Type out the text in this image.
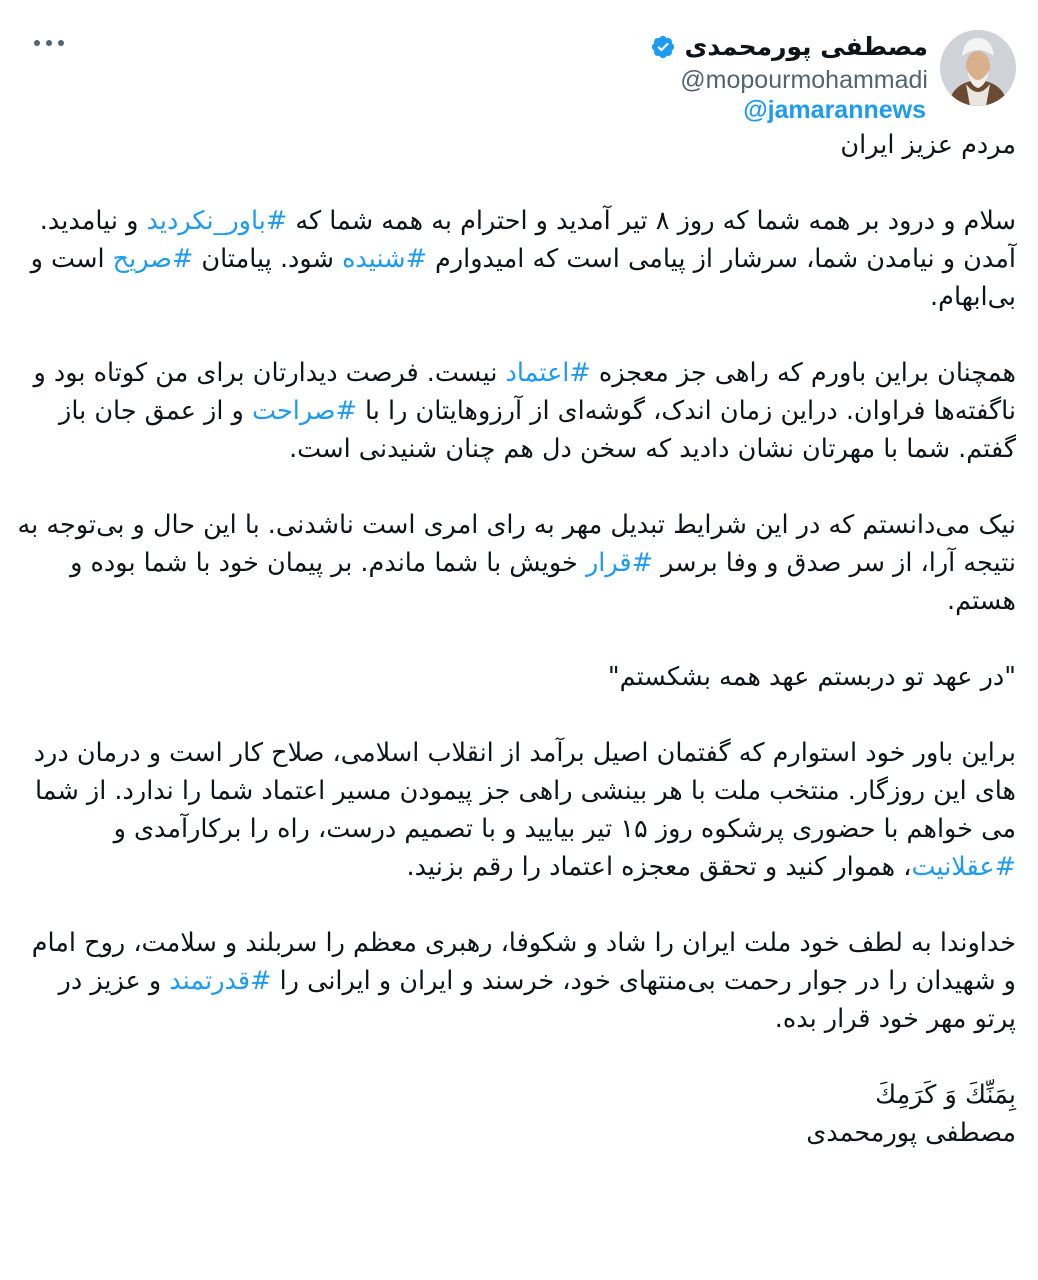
مصطفی پورمحمدی
@mopourmohammadi
@jamarannews

مردم عزیز ایران

سلام و درود بر همه شما که روز ۸ تیر آمدید و احترام به همه شما که #باور_نکردید و نیامدید. آمدن و نیامدن شما، سرشار از پیامی است که امیدوارم #شنیده شود. پیامتان #صریح است و بی‌ابهام.

همچنان براین باورم که راهی جز معجزه #اعتماد نیست. فرصت دیدارتان برای من کوتاه بود و ناگفته‌ها فراوان. دراین زمان اندک، گوشه‌ای از آرزوهایتان را با #صراحت و از عمق جان باز گفتم. شما با مهرتان نشان دادید که سخن دل هم چنان شنیدنی است.

نیک می‌دانستم که در این شرایط تبدیل مهر به رای امری است ناشدنی. با این حال و بی‌توجه به نتیجه آرا، از سر صدق و وفا برسر #قرار خویش با شما ماندم. بر پیمان خود با شما بوده و هستم.

"در عهد تو دربستم عهد همه بشکستم"

براین باور خود استوارم که گفتمان اصیل برآمد از انقلاب اسلامی، صلاح کار است و درمان درد های این روزگار. منتخب ملت با هر بینشی راهی جز پیمودن مسیر اعتماد شما را ندارد. از شما می خواهم با حضوری پرشکوه روز ۱۵ تیر بیایید و با تصمیم درست، راه را برکارآمدی و #عقلانیت، هموار کنید و تحقق معجزه اعتماد را رقم بزنید.

خداوندا به لطف خود ملت ایران را شاد و شکوفا، رهبری معظم را سربلند و سلامت، روح امام و شهیدان را در جوار رحمت بی‌منتهای خود، خرسند و ایران و ایرانی را #قدرتمند و عزیز در پرتو مهر خود قرار بده.

بِمَنِّكَ وَ كَرَمِكَ

مصطفی پورمحمدی
